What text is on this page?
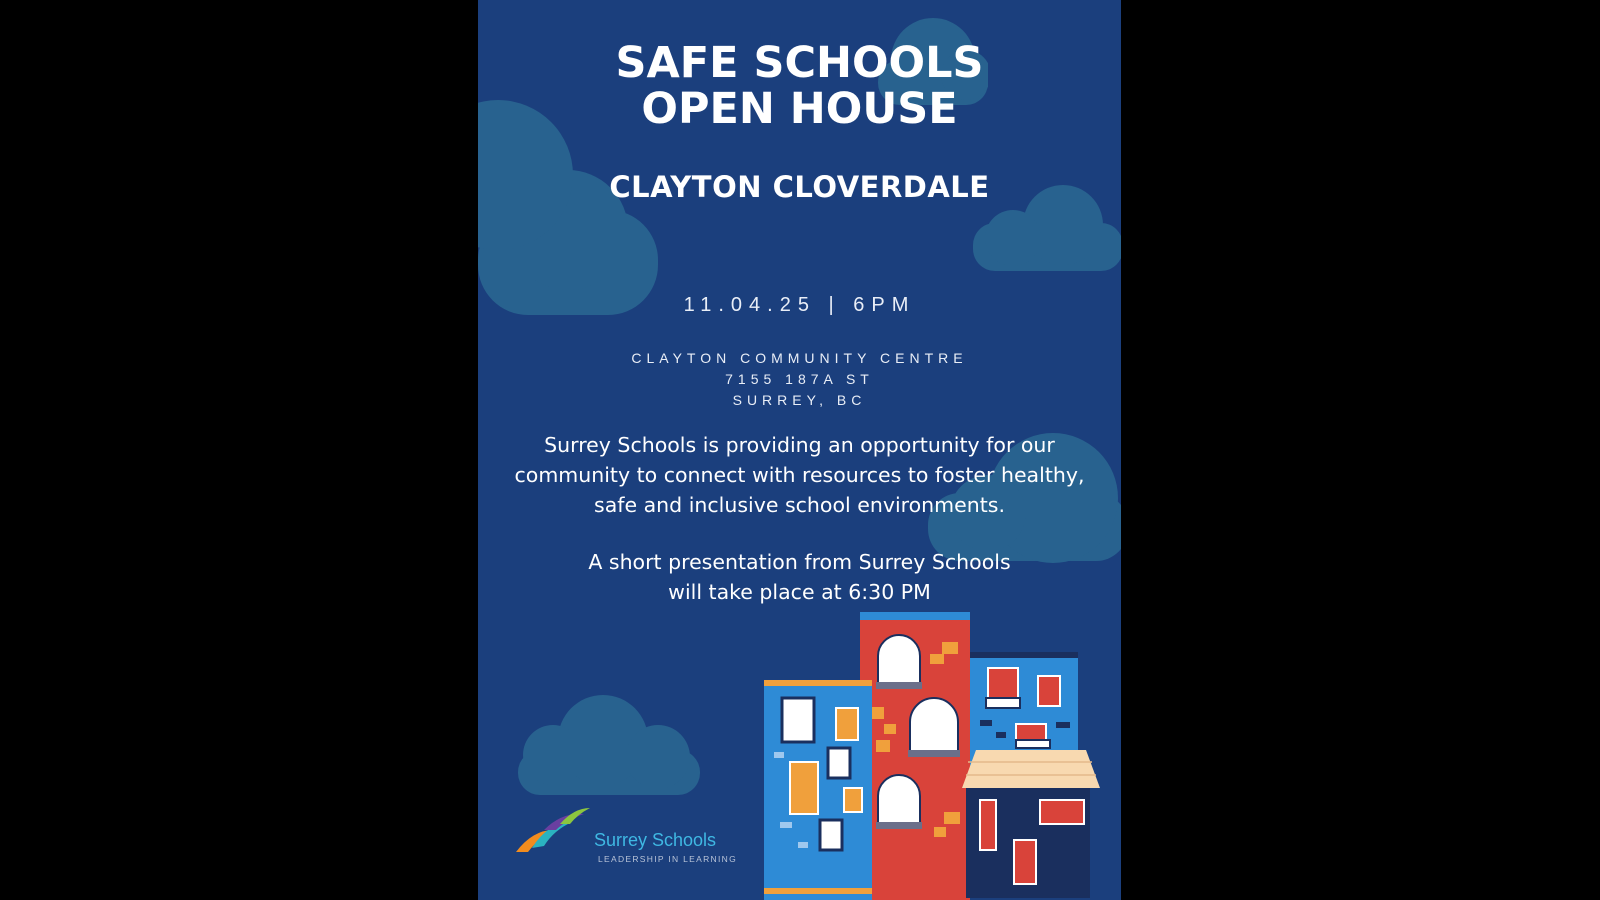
SAFE SCHOOLS
OPEN HOUSE
CLAYTON CLOVERDALE
11.04.25 | 6PM
CLAYTON COMMUNITY CENTRE
7155 187A ST
SURREY, BC
Surrey Schools is providing an opportunity for our community to connect with resources to foster healthy, safe and inclusive school environments.
A short presentation from Surrey Schools
will take place at 6:30 PM
Surrey Schools
LEADERSHIP IN LEARNING
